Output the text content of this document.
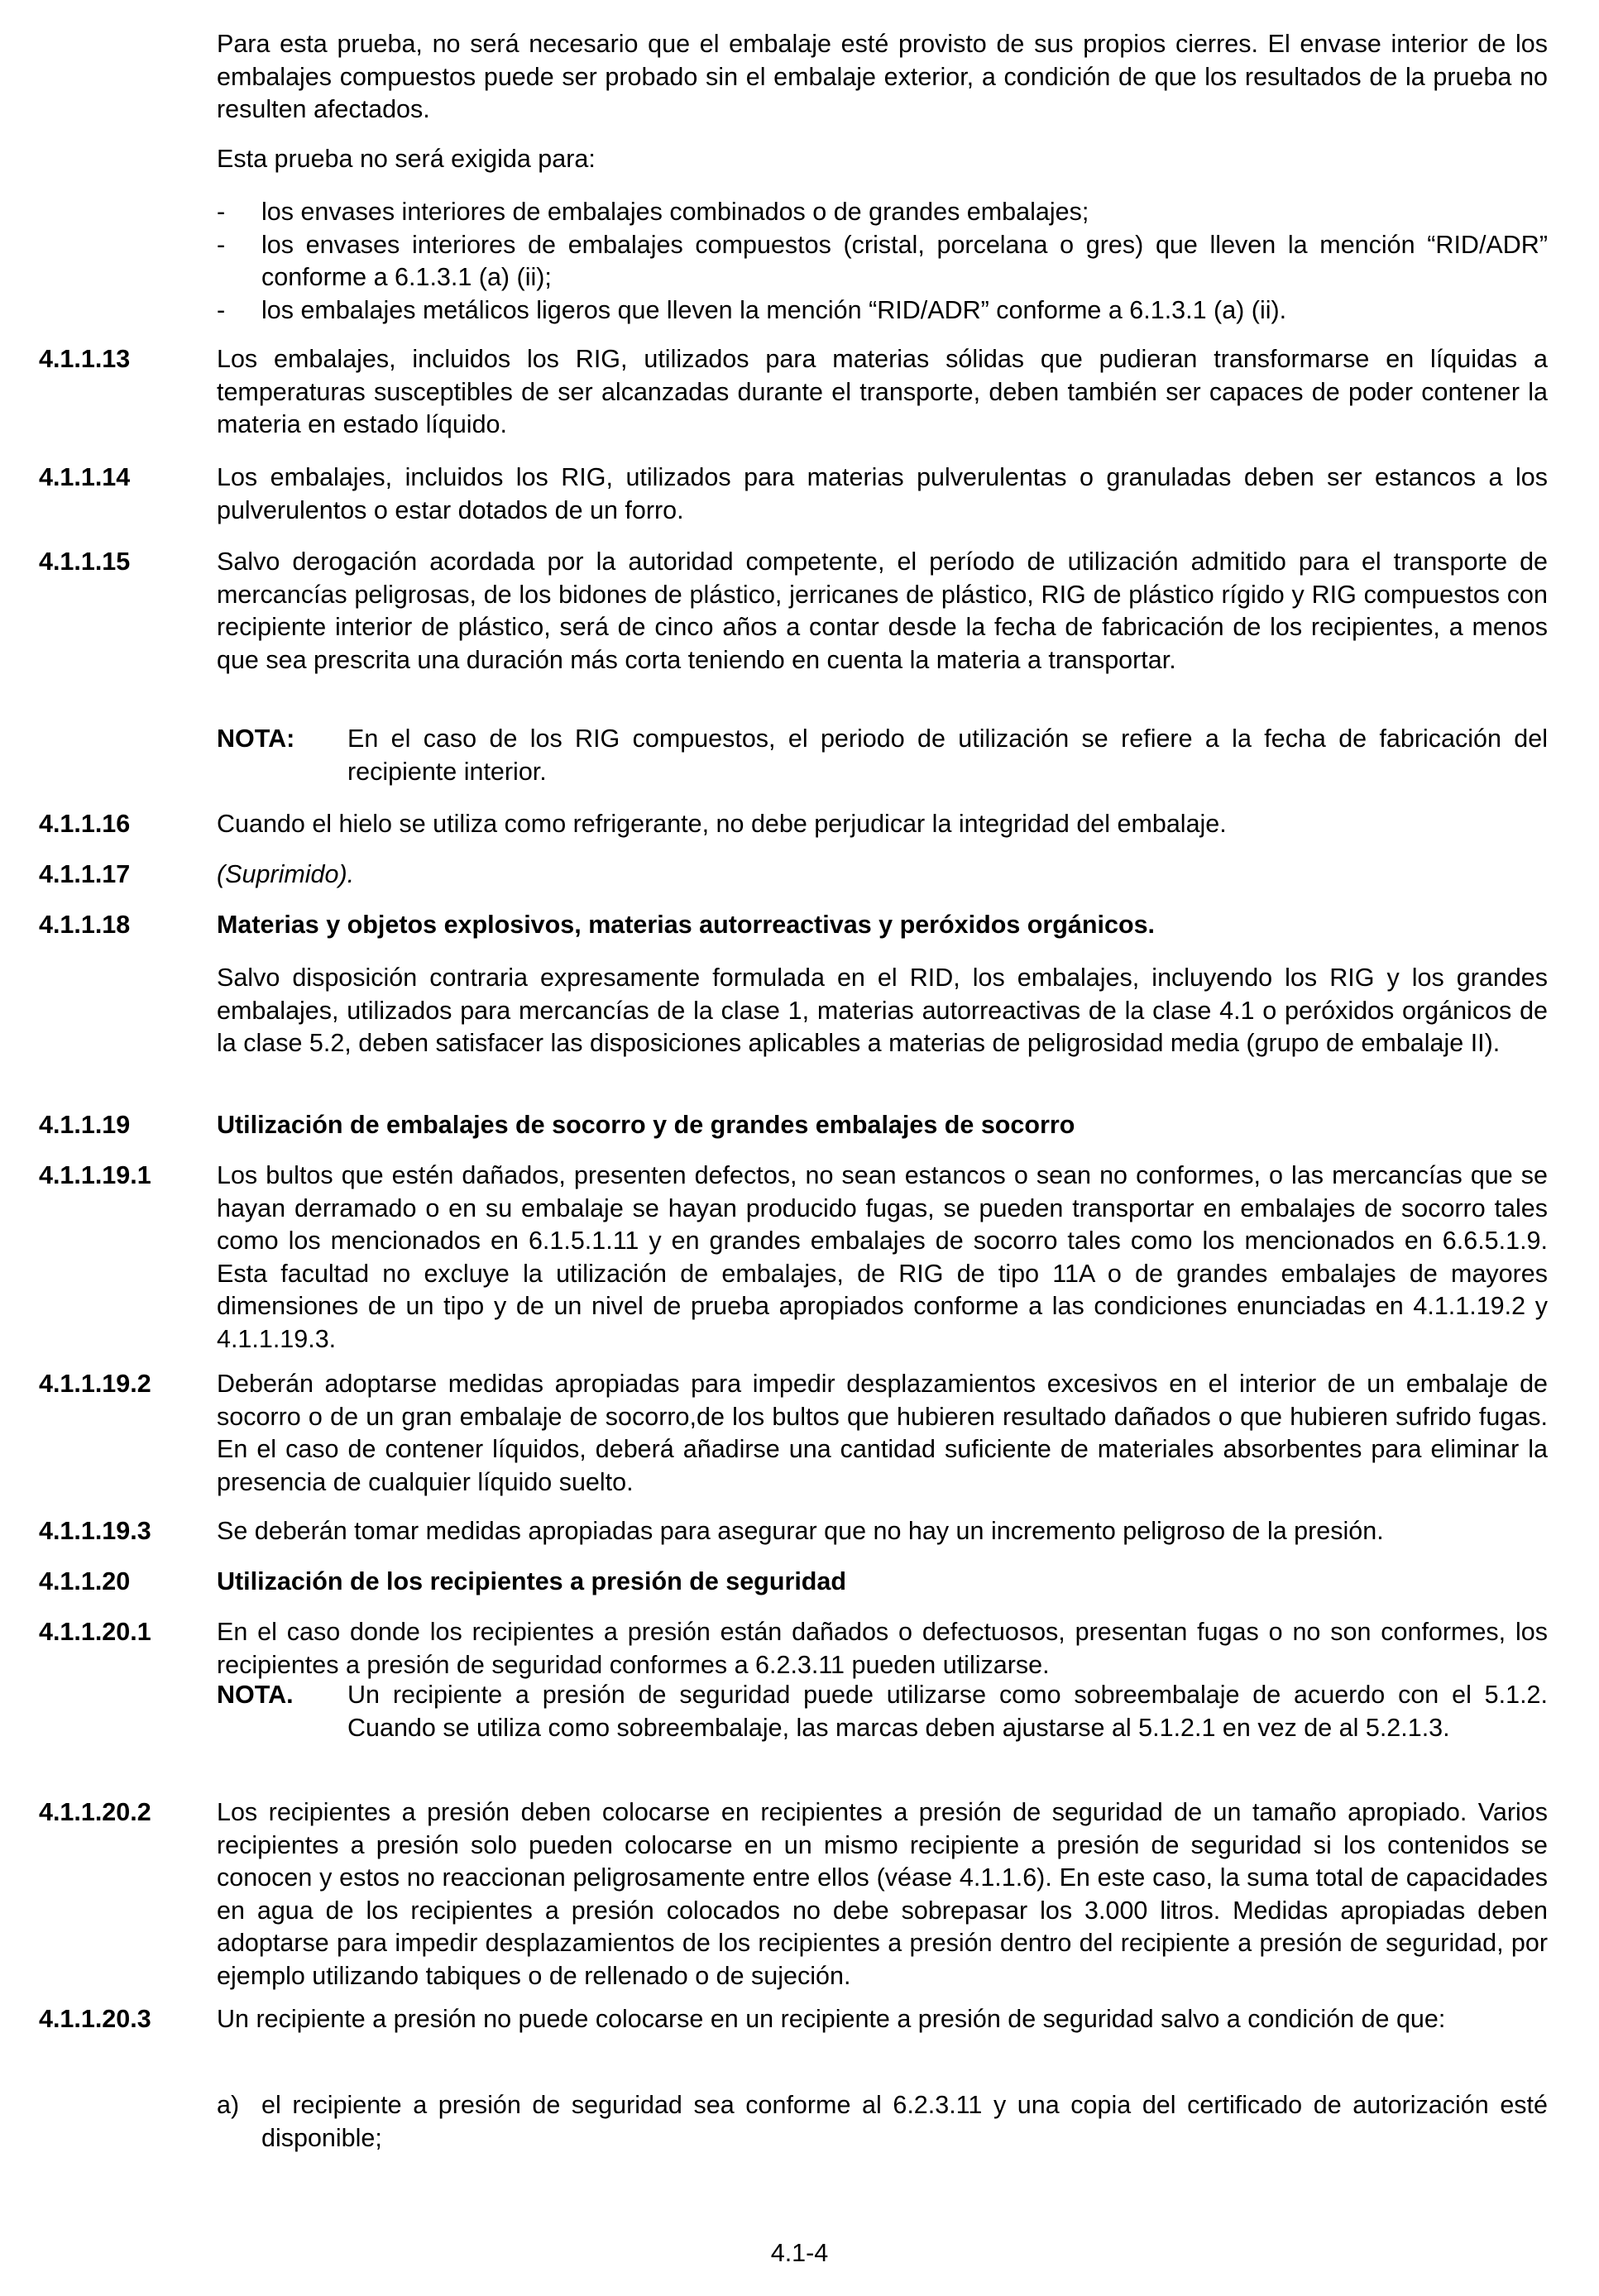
Para esta prueba, no será necesario que el embalaje esté provisto de sus propios cierres. El envase interior de los embalajes compuestos puede ser probado sin el embalaje exterior, a condición de que los resultados de la prueba no resulten afectados.
Esta prueba no será exigida para:
- los envases interiores de embalajes combinados o de grandes embalajes;
- los envases interiores de embalajes compuestos (cristal, porcelana o gres) que lleven la mención “RID/ADR” conforme a 6.1.3.1 (a) (ii);
- los embalajes metálicos ligeros que lleven la mención “RID/ADR” conforme a 6.1.3.1 (a) (ii).
4.1.1.13	Los embalajes, incluidos los RIG, utilizados para materias sólidas que pudieran transformarse en líquidas a temperaturas susceptibles de ser alcanzadas durante el transporte, deben también ser capaces de poder contener la materia en estado líquido.
4.1.1.14	Los embalajes, incluidos los RIG, utilizados para materias pulverulentas o granuladas deben ser estancos a los pulverulentos o estar dotados de un forro.
4.1.1.15	Salvo derogación acordada por la autoridad competente, el período de utilización admitido para el transporte de mercancías peligrosas, de los bidones de plástico, jerricanes de plástico, RIG de plástico rígido y RIG compuestos con recipiente interior de plástico, será de cinco años a contar desde la fecha de fabricación de los recipientes, a menos que sea prescrita una duración más corta teniendo en cuenta la materia a transportar.
NOTA: En el caso de los RIG compuestos, el periodo de utilización se refiere a la fecha de fabricación del recipiente interior.
4.1.1.16	Cuando el hielo se utiliza como refrigerante, no debe perjudicar la integridad del embalaje.
4.1.1.17	(Suprimido).
4.1.1.18	Materias y objetos explosivos, materias autorreactivas y peróxidos orgánicos.
Salvo disposición contraria expresamente formulada en el RID, los embalajes, incluyendo los RIG y los grandes embalajes, utilizados para mercancías de la clase 1, materias autorreactivas de la clase 4.1 o peróxidos orgánicos de la clase 5.2, deben satisfacer las disposiciones aplicables a materias de peligrosidad media (grupo de embalaje II).
4.1.1.19	Utilización de embalajes de socorro y de grandes embalajes de socorro
4.1.1.19.1	Los bultos que estén dañados, presenten defectos, no sean estancos o sean no conformes, o las mercancías que se hayan derramado o en su embalaje se hayan producido fugas, se pueden transportar en embalajes de socorro tales como los mencionados en 6.1.5.1.11 y en grandes embalajes de socorro tales como los mencionados en 6.6.5.1.9. Esta facultad no excluye la utilización de embalajes, de RIG de tipo 11A o de grandes embalajes de mayores dimensiones de un tipo y de un nivel de prueba apropiados conforme a las condiciones enunciadas en 4.1.1.19.2 y 4.1.1.19.3.
4.1.1.19.2	Deberán adoptarse medidas apropiadas para impedir desplazamientos excesivos en el interior de un embalaje de socorro o de un gran embalaje de socorro,de los bultos que hubieren resultado dañados o que hubieren sufrido fugas. En el caso de contener líquidos, deberá añadirse una cantidad suficiente de materiales absorbentes para eliminar la presencia de cualquier líquido suelto.
4.1.1.19.3	Se deberán tomar medidas apropiadas para asegurar que no hay un incremento peligroso de la presión.
4.1.1.20	Utilización de los recipientes a presión de seguridad
4.1.1.20.1	En el caso donde los recipientes a presión están dañados o defectuosos, presentan fugas o no son conformes, los recipientes a presión de seguridad conformes a 6.2.3.11 pueden utilizarse.
NOTA. Un recipiente a presión de seguridad puede utilizarse como sobreembalaje de acuerdo con el 5.1.2. Cuando se utiliza como sobreembalaje, las marcas deben ajustarse al 5.1.2.1 en vez de al 5.2.1.3.
4.1.1.20.2	Los recipientes a presión deben colocarse en recipientes a presión de seguridad de un tamaño apropiado. Varios recipientes a presión solo pueden colocarse en un mismo recipiente a presión de seguridad si los contenidos se conocen y estos no reaccionan peligrosamente entre ellos (véase 4.1.1.6). En este caso, la suma total de capacidades en agua de los recipientes a presión colocados no debe sobrepasar los 3.000 litros. Medidas apropiadas deben adoptarse para impedir desplazamientos de los recipientes a presión dentro del recipiente a presión de seguridad, por ejemplo utilizando tabiques o de rellenado o de sujeción.
4.1.1.20.3	Un recipiente a presión no puede colocarse en un recipiente a presión de seguridad salvo a condición de que:
a) el recipiente a presión de seguridad sea conforme al 6.2.3.11 y una copia del certificado de autorización esté disponible;
4.1-4
